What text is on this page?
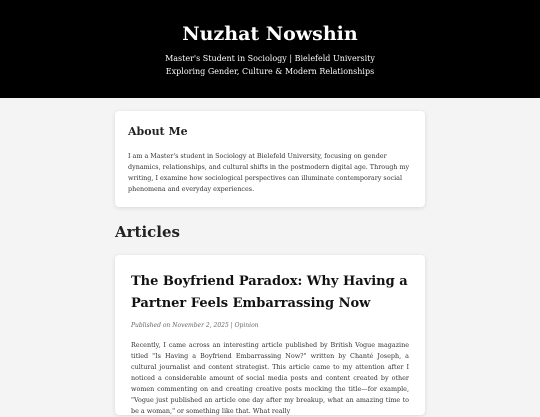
Nuzhat Nowshin

Master's Student in Sociology | Bielefeld University
Exploring Gender, Culture & Modern Relationships

About Me

I am a Master's student in Sociology at Bielefeld University, focusing on gender dynamics, relationships, and cultural shifts in the postmodern digital age. Through my writing, I examine how sociological perspectives can illuminate contemporary social phenomena and everyday experiences.

Articles
The Boyfriend Paradox: Why Having a Partner Feels Embarrassing Now

Published on November 2, 2025 | Opinion

Recently, I came across an interesting article published by British Vogue magazine titled "Is Having a Boyfriend Embarrassing Now?" written by Chanté Joseph, a cultural journalist and content strategist. This article came to my attention after I noticed a considerable amount of social media posts and content created by other women commenting on and creating creative posts mocking the title—for example, "Vogue just published an article one day after my breakup, what an amazing time to be a woman," or something like that. What really
